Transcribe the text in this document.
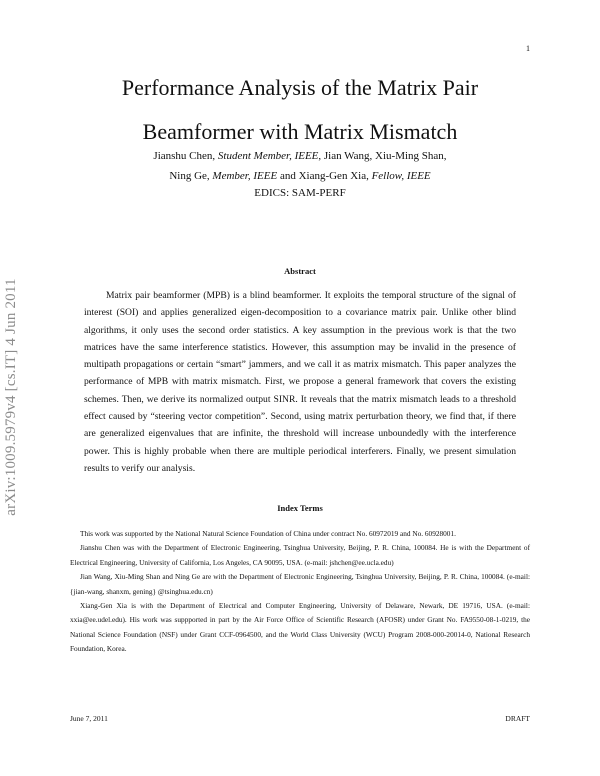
1
arXiv:1009.5979v4 [cs.IT] 4 Jun 2011
Performance Analysis of the Matrix Pair
Beamformer with Matrix Mismatch
Jianshu Chen, Student Member, IEEE, Jian Wang, Xiu-Ming Shan,
Ning Ge, Member, IEEE and Xiang-Gen Xia, Fellow, IEEE
EDICS: SAM-PERF
Abstract
Matrix pair beamformer (MPB) is a blind beamformer. It exploits the temporal structure of the signal of interest (SOI) and applies generalized eigen-decomposition to a covariance matrix pair. Unlike other blind algorithms, it only uses the second order statistics. A key assumption in the previous work is that the two matrices have the same interference statistics. However, this assumption may be invalid in the presence of multipath propagations or certain “smart” jammers, and we call it as matrix mismatch. This paper analyzes the performance of MPB with matrix mismatch. First, we propose a general framework that covers the existing schemes. Then, we derive its normalized output SINR. It reveals that the matrix mismatch leads to a threshold effect caused by “steering vector competition”. Second, using matrix perturbation theory, we find that, if there are generalized eigenvalues that are infinite, the threshold will increase unboundedly with the interference power. This is highly probable when there are multiple periodical interferers. Finally, we present simulation results to verify our analysis.
Index Terms

This work was supported by the National Natural Science Foundation of China under contract No. 60972019 and No. 60928001.

Jianshu Chen was with the Department of Electronic Engineering, Tsinghua University, Beijing, P. R. China, 100084. He is with the Department of Electrical Engineering, University of California, Los Angeles, CA 90095, USA. (e-mail: jshchen@ee.ucla.edu)

Jian Wang, Xiu-Ming Shan and Ning Ge are with the Department of Electronic Engineering, Tsinghua University, Beijing, P. R. China, 100084. (e-mail: {jian-wang, shanxm, gening} @tsinghua.edu.cn)

Xiang-Gen Xia is with the Department of Electrical and Computer Engineering, University of Delaware, Newark, DE 19716, USA. (e-mail: xxia@ee.udel.edu). His work was suppported in part by the Air Force Office of Scientific Research (AFOSR) under Grant No. FA9550-08-1-0219, the National Science Foundation (NSF) under Grant CCF-0964500, and the World Class University (WCU) Program 2008-000-20014-0, National Research Foundation, Korea.

June 7, 2011	DRAFT
